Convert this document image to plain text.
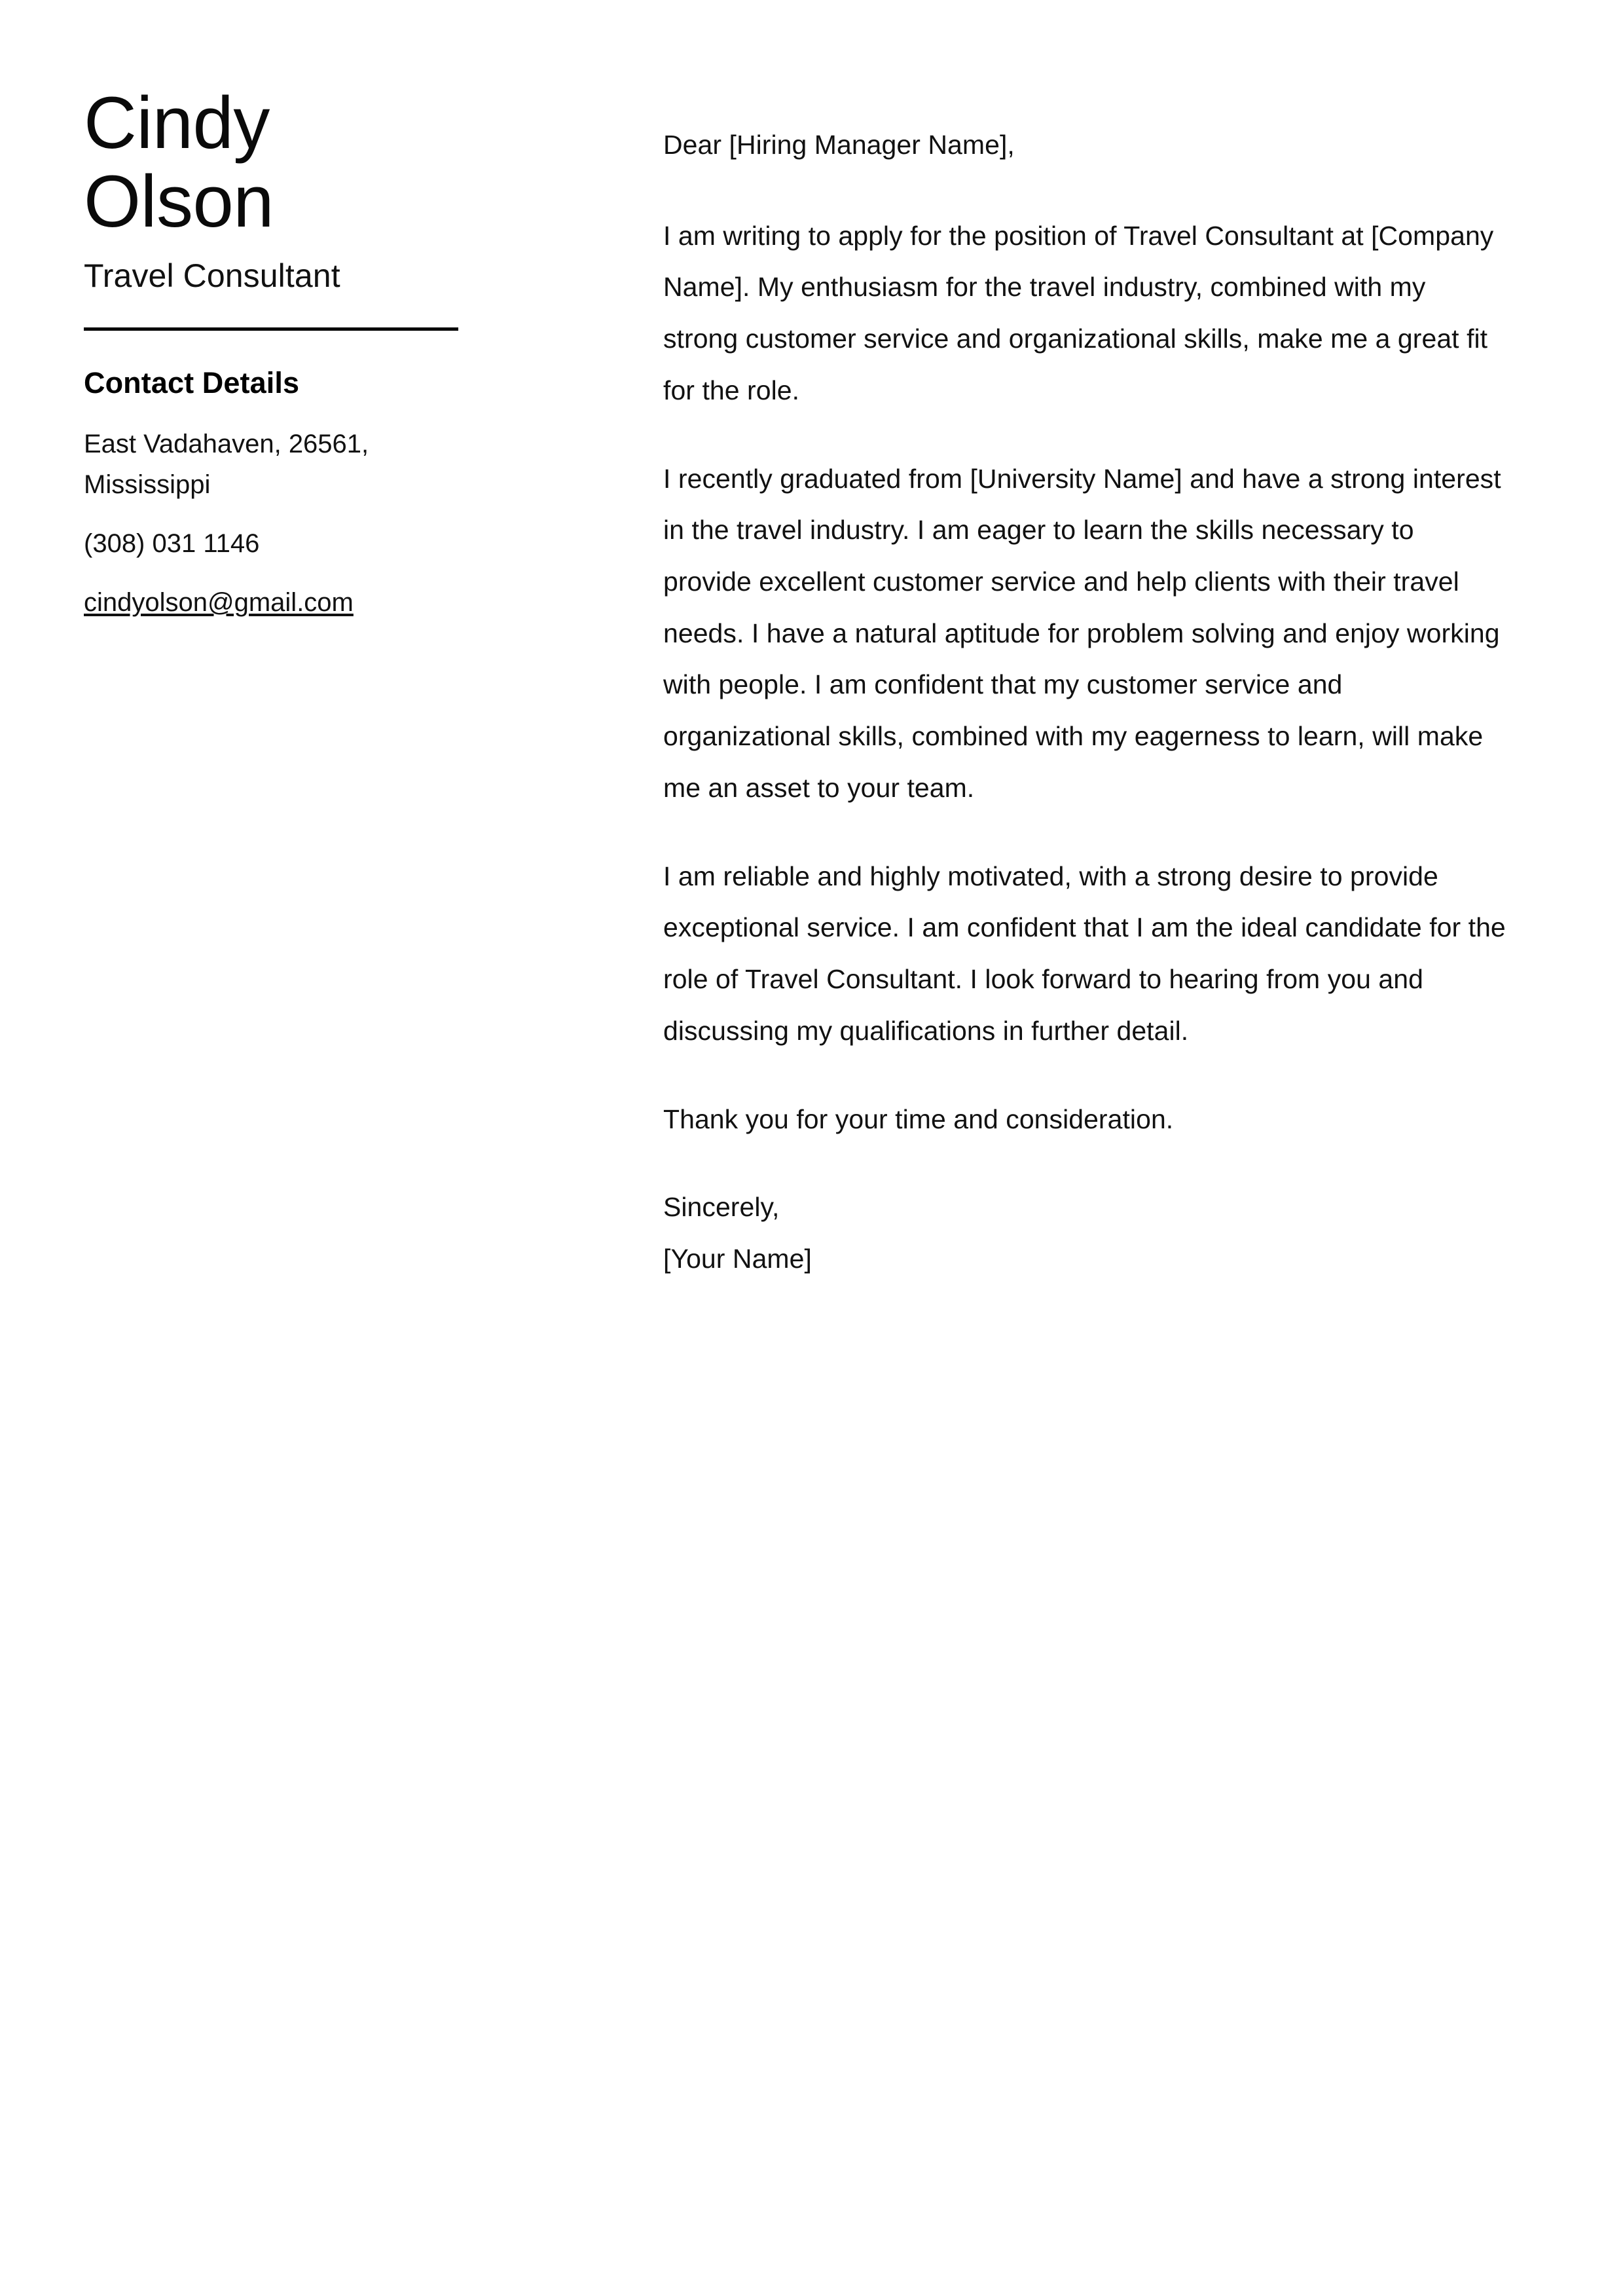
Cindy
Olson
Travel Consultant
Contact Details
East Vadahaven, 26561, Mississippi
(308) 031 1146
cindyolson@gmail.com

Dear [Hiring Manager Name],

I am writing to apply for the position of Travel Consultant at [Company Name]. My enthusiasm for the travel industry, combined with my strong customer service and organizational skills, make me a great fit for the role.

I recently graduated from [University Name] and have a strong interest in the travel industry. I am eager to learn the skills necessary to provide excellent customer service and help clients with their travel needs. I have a natural aptitude for problem solving and enjoy working with people. I am confident that my customer service and organizational skills, combined with my eagerness to learn, will make me an asset to your team.

I am reliable and highly motivated, with a strong desire to provide exceptional service. I am confident that I am the ideal candidate for the role of Travel Consultant. I look forward to hearing from you and discussing my qualifications in further detail.

Thank you for your time and consideration.

Sincerely,

[Your Name]
